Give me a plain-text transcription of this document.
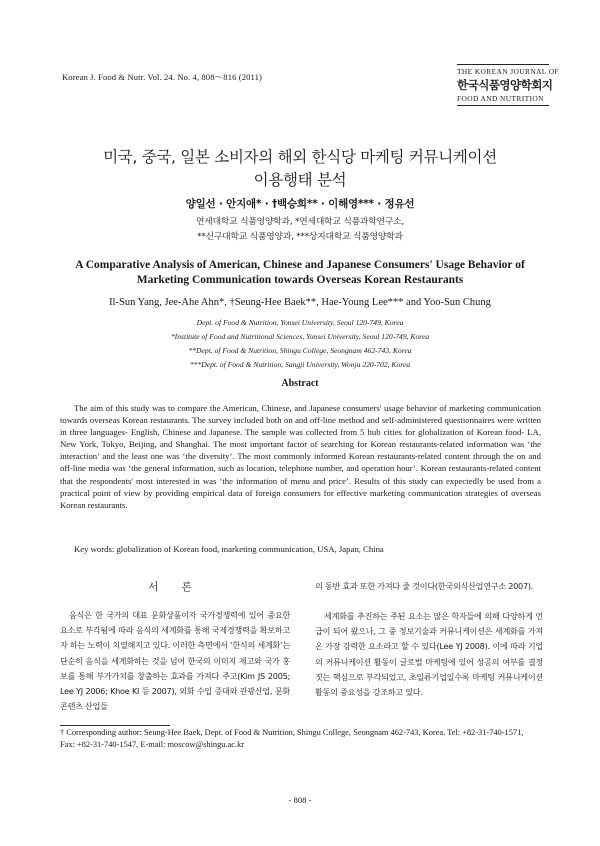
Korean J. Food & Nutr. Vol. 24. No. 4, 808～816 (2011)
THE KOREAN JOURNAL OF
한국식품영양학회지
FOOD AND NUTRITION
미국, 중국, 일본 소비자의 해외 한식당 마케팅 커뮤니케이션
이용행태 분석
양일선 · 안지애* · †백승희** · 이해영*** · 정유선
연세대학교 식품영양학과, *연세대학교 식품과학연구소,
**신구대학교 식품영양과, ***상지대학교 식품영양학과
A Comparative Analysis of American, Chinese and Japanese Consumers' Usage Behavior of
Marketing Communication towards Overseas Korean Restaurants
Il-Sun Yang, Jee-Ahe Ahn*, †Seung-Hee Baek**, Hae-Young Lee*** and Yoo-Sun Chung
Dept. of Food & Nutrition, Yonsei University, Seoul 120-749, Korea
*Institute of Food and Nutritional Sciences, Yonsei University, Seoul 120-749, Korea
**Dept. of Food & Nutrition, Shingu College, Seongnam 462-743, Korea
***Dept. of Food & Nutrition, Sangji University, Wonju 220-702, Korea
Abstract

The aim of this study was to compare the American, Chinese, and Japanese consumers' usage behavior of marketing communication towards overseas Korean restaurants. The survey included both on and off-line method and self-administered questionnaires were written in three languages- English, Chinese and Japanese. The sample was collected from 5 hub cities for globalization of Korean food- LA, New York, Tokyo, Beijing, and Shanghai. The most important factor of searching for Korean restaurants-related information was ‘the interaction’ and the least one was ‘the diversity’. The most commonly informed Korean restaurants-related content through the on and off-line media was ‘the general information, such as location, telephone number, and operation hour’. Korean restaurants-related content that the respondents' most interested in was ‘the information of menu and price’. Results of this study can expectedly be used from a practical point of view by providing empirical data of foreign consumers for effective marketing communication strategies of overseas Korean restaurants.

Key words: globalization of Korean food, marketing communication, USA, Japan, China
서 론

음식은 한 국가의 대표 문화상품이자 국가경쟁력에 있어 중요한 요소로 부각됨에 따라 음식의 세계화를 통해 국제경쟁력을 확보하고자 하는 노력이 치열해지고 있다. 이러한 측면에서 ‘한식의 세계화’는 단순히 음식을 세계화하는 것을 넘어 한국의 이미지 제고와 국가 홍보를 통해 부가가치를 창출하는 효과를 가져다 주고(Kim JS 2005; Lee YJ 2006; Khoe KI 등 2007), 외화 수입 증대와 관광산업, 문화콘텐츠 산업들

의 동반 효과 또한 가져다 줄 것이다(한국외식산업연구소 2007).

세계화를 추진하는 주된 요소는 많은 학자들에 의해 다양하게 언급이 되어 왔으나, 그 중 정보기술과 커뮤니케이션은 세계화를 가져온 가장 강력한 요소라고 할 수 있다(Lee YJ 2008). 이에 따라 기업의 커뮤니케이션 활동이 글로벌 마케팅에 있어 성공의 여부를 결정짓는 핵심으로 부각되었고, 초일류기업일수록 마케팅 커뮤니케이션 활동의 중요성을 강조하고 있다.

† Corresponding author: Seung-Hee Baek, Dept. of Food & Nutrition, Shingu College, Seongnam 462-743, Korea. Tel: +82-31-740-1571, Fax: +82-31-740-1547, E-mail: moscow@shingu.ac.kr

- 808 -
